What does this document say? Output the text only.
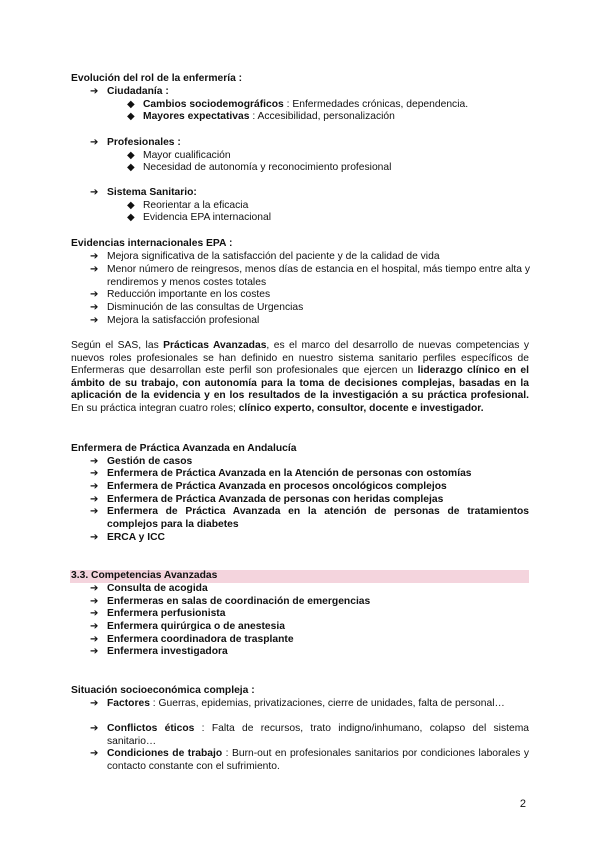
Evolución del rol de la enfermería :
➔ Ciudadanía :
◆ Cambios sociodemográficos : Enfermedades crónicas, dependencia.
◆ Mayores expectativas : Accesibilidad, personalización
➔ Profesionales :
◆ Mayor cualificación
◆ Necesidad de autonomía y reconocimiento profesional
➔ Sistema Sanitario:
◆ Reorientar a la eficacia
◆ Evidencia EPA internacional
Evidencias internacionales EPA :
➔ Mejora significativa de la satisfacción del paciente y de la calidad de vida
➔ Menor número de reingresos, menos días de estancia en el hospital, más tiempo entre alta y rendiremos y menos costes totales
➔ Reducción importante en los costes
➔ Disminución de las consultas de Urgencias
➔ Mejora la satisfacción profesional
Según el SAS, las Prácticas Avanzadas, es el marco del desarrollo de nuevas competencias y nuevos roles profesionales se han definido en nuestro sistema sanitario perfiles específicos de Enfermeras que desarrollan este perfil son profesionales que ejercen un liderazgo clínico en el ámbito de su trabajo, con autonomía para la toma de decisiones complejas, basadas en la aplicación de la evidencia y en los resultados de la investigación a su práctica profesional. En su práctica integran cuatro roles; clínico experto, consultor, docente e investigador.
Enfermera de Práctica Avanzada en Andalucía
➔ Gestión de casos
➔ Enfermera de Práctica Avanzada en la Atención de personas con ostomías
➔ Enfermera de Práctica Avanzada en procesos oncológicos complejos
➔ Enfermera de Práctica Avanzada de personas con heridas complejas
➔ Enfermera de Práctica Avanzada en la atención de personas de tratamientos complejos para la diabetes
➔ ERCA y ICC
3.3. Competencias Avanzadas
➔ Consulta de acogida
➔ Enfermeras en salas de coordinación de emergencias
➔ Enfermera perfusionista
➔ Enfermera quirúrgica o de anestesia
➔ Enfermera coordinadora de trasplante
➔ Enfermera investigadora
Situación socioeconómica compleja :
➔ Factores : Guerras, epidemias, privatizaciones, cierre de unidades, falta de personal…
➔ Conflictos éticos : Falta de recursos, trato indigno/inhumano, colapso del sistema sanitario…
➔ Condiciones de trabajo : Burn-out en profesionales sanitarios por condiciones laborales y contacto constante con el sufrimiento.
2
